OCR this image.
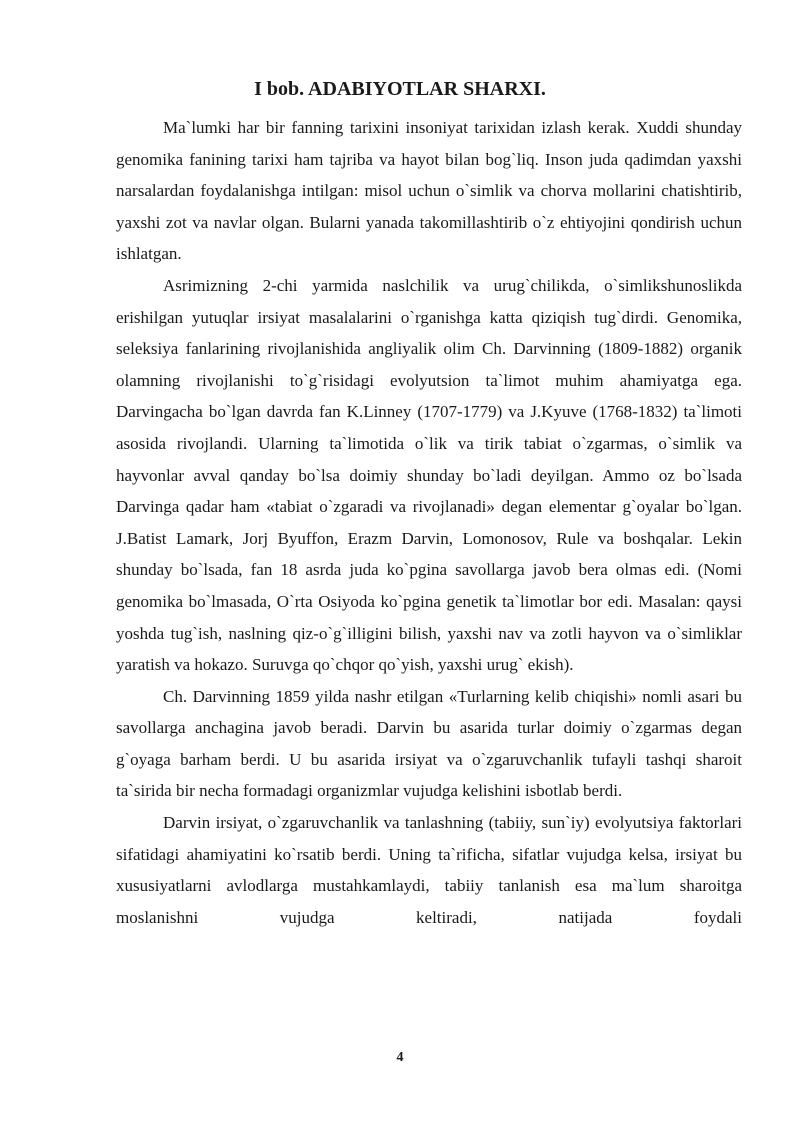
I bob. ADABIYOTLAR SHARXI.

Ma`lumki har bir fanning tarixini insoniyat tarixidan izlash kerak. Xuddi shunday genomika fanining tarixi ham tajriba va hayot bilan bog`liq. Inson juda qadimdan yaxshi narsalardan foydalanishga intilgan: misol uchun o`simlik va chorva mollarini chatishtirib, yaxshi zot va navlar olgan. Bularni yanada takomillashtirib o`z ehtiyojini qondirish uchun ishlatgan.

Asrimizning 2-chi yarmida naslchilik va urug`chilikda, o`simlikshunoslikda erishilgan yutuqlar irsiyat masalalarini o`rganishga katta qiziqish tug`dirdi. Genomika, seleksiya fanlarining rivojlanishida angliyalik olim Ch. Darvinning (1809-1882) organik olamning rivojlanishi to`g`risidagi evolyutsion ta`limot muhim ahamiyatga ega. Darvingacha bo`lgan davrda fan K.Linney (1707-1779) va J.Kyuve (1768-1832) ta`limoti asosida rivojlandi. Ularning ta`limotida o`lik va tirik tabiat o`zgarmas, o`simlik va hayvonlar avval qanday bo`lsa doimiy shunday bo`ladi deyilgan. Ammo oz bo`lsada Darvinga qadar ham «tabiat o`zgaradi va rivojlanadi» degan elementar g`oyalar bo`lgan. J.Batist Lamark, Jorj Byuffon, Erazm Darvin, Lomonosov, Rule va boshqalar. Lekin shunday bo`lsada, fan 18 asrda juda ko`pgina savollarga javob bera olmas edi. (Nomi genomika bo`lmasada, O`rta Osiyoda ko`pgina genetik ta`limotlar bor edi. Masalan: qaysi yoshda tug`ish, naslning qiz-o`g`illigini bilish, yaxshi nav va zotli hayvon va o`simliklar yaratish va hokazo. Suruvga qo`chqor qo`yish, yaxshi urug` ekish).

Ch. Darvinning 1859 yilda nashr etilgan «Turlarning kelib chiqishi» nomli asari bu savollarga anchagina javob beradi. Darvin bu asarida turlar doimiy o`zgarmas degan g`oyaga barham berdi. U bu asarida irsiyat va o`zgaruvchanlik tufayli tashqi sharoit ta`sirida bir necha formadagi organizmlar vujudga kelishini isbotlab berdi.

Darvin irsiyat, o`zgaruvchanlik va tanlashning (tabiiy, sun`iy) evolyutsiya faktorlari sifatidagi ahamiyatini ko`rsatib berdi. Uning ta`rificha, sifatlar vujudga kelsa, irsiyat bu xususiyatlarni avlodlarga mustahkamlaydi, tabiiy tanlanish esa ma`lum sharoitga moslanishni vujudga keltiradi, natijada foydali

4
